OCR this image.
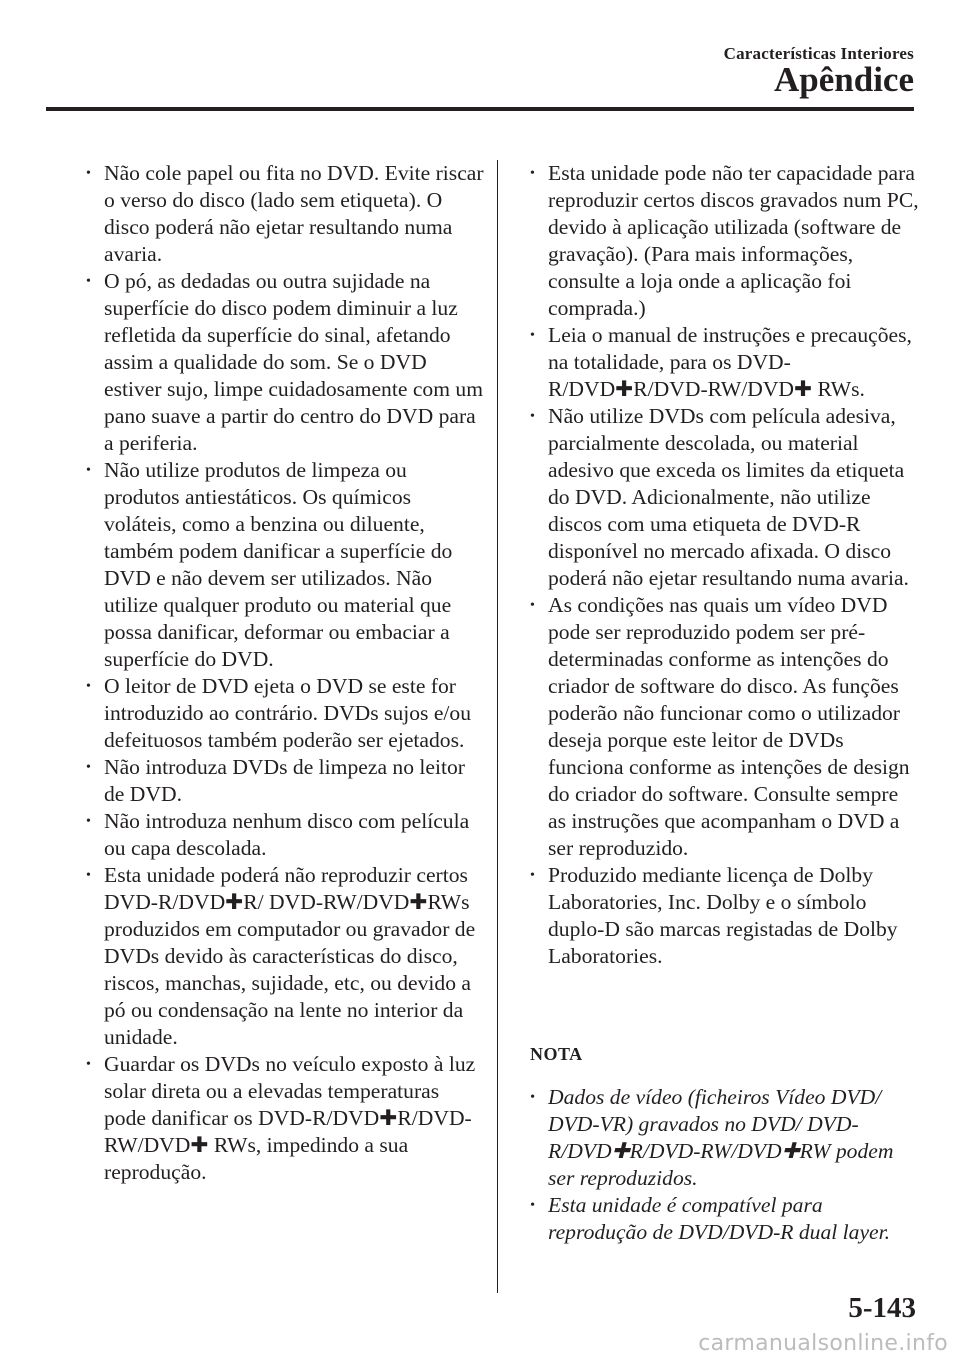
Características Interiores
Apêndice
• Não cole papel ou fita no DVD. Evite riscar o verso do disco (lado sem etiqueta). O disco poderá não ejetar resultando numa avaria.
• O pó, as dedadas ou outra sujidade na superfície do disco podem diminuir a luz refletida da superfície do sinal, afetando assim a qualidade do som. Se o DVD estiver sujo, limpe cuidadosamente com um pano suave a partir do centro do DVD para a periferia.
• Não utilize produtos de limpeza ou produtos antiestáticos. Os químicos voláteis, como a benzina ou diluente, também podem danificar a superfície do DVD e não devem ser utilizados. Não utilize qualquer produto ou material que possa danificar, deformar ou embaciar a superfície do DVD.
• O leitor de DVD ejeta o DVD se este for introduzido ao contrário. DVDs sujos e/ou defeituosos também poderão ser ejetados.
• Não introduza DVDs de limpeza no leitor de DVD.
• Não introduza nenhum disco com película ou capa descolada.
• Esta unidade poderá não reproduzir certos DVD-R/DVD✚R/ DVD-RW/DVD✚RWs produzidos em computador ou gravador de DVDs devido às características do disco, riscos, manchas, sujidade, etc, ou devido a pó ou condensação na lente no interior da unidade.
• Guardar os DVDs no veículo exposto à luz solar direta ou a elevadas temperaturas pode danificar os DVD-R/DVD✚R/DVD-RW/DVD✚ RWs, impedindo a sua reprodução.
• Esta unidade pode não ter capacidade para reproduzir certos discos gravados num PC, devido à aplicação utilizada (software de gravação). (Para mais informações, consulte a loja onde a aplicação foi comprada.)
• Leia o manual de instruções e precauções, na totalidade, para os DVD-R/DVD✚R/DVD-RW/DVD✚ RWs.
• Não utilize DVDs com película adesiva, parcialmente descolada, ou material adesivo que exceda os limites da etiqueta do DVD. Adicionalmente, não utilize discos com uma etiqueta de DVD-R disponível no mercado afixada. O disco poderá não ejetar resultando numa avaria.
• As condições nas quais um vídeo DVD pode ser reproduzido podem ser pré-determinadas conforme as intenções do criador de software do disco. As funções poderão não funcionar como o utilizador deseja porque este leitor de DVDs funciona conforme as intenções de design do criador do software. Consulte sempre as instruções que acompanham o DVD a ser reproduzido.
• Produzido mediante licença de Dolby Laboratories, Inc. Dolby e o símbolo duplo-D são marcas registadas de Dolby Laboratories.
NOTA
• Dados de vídeo (ficheiros Vídeo DVD/ DVD-VR) gravados no DVD/ DVD-R/DVD✚R/DVD-RW/DVD✚RW podem ser reproduzidos.
• Esta unidade é compatível para reprodução de DVD/DVD-R dual layer.
5-143
carmanualsonline.info
